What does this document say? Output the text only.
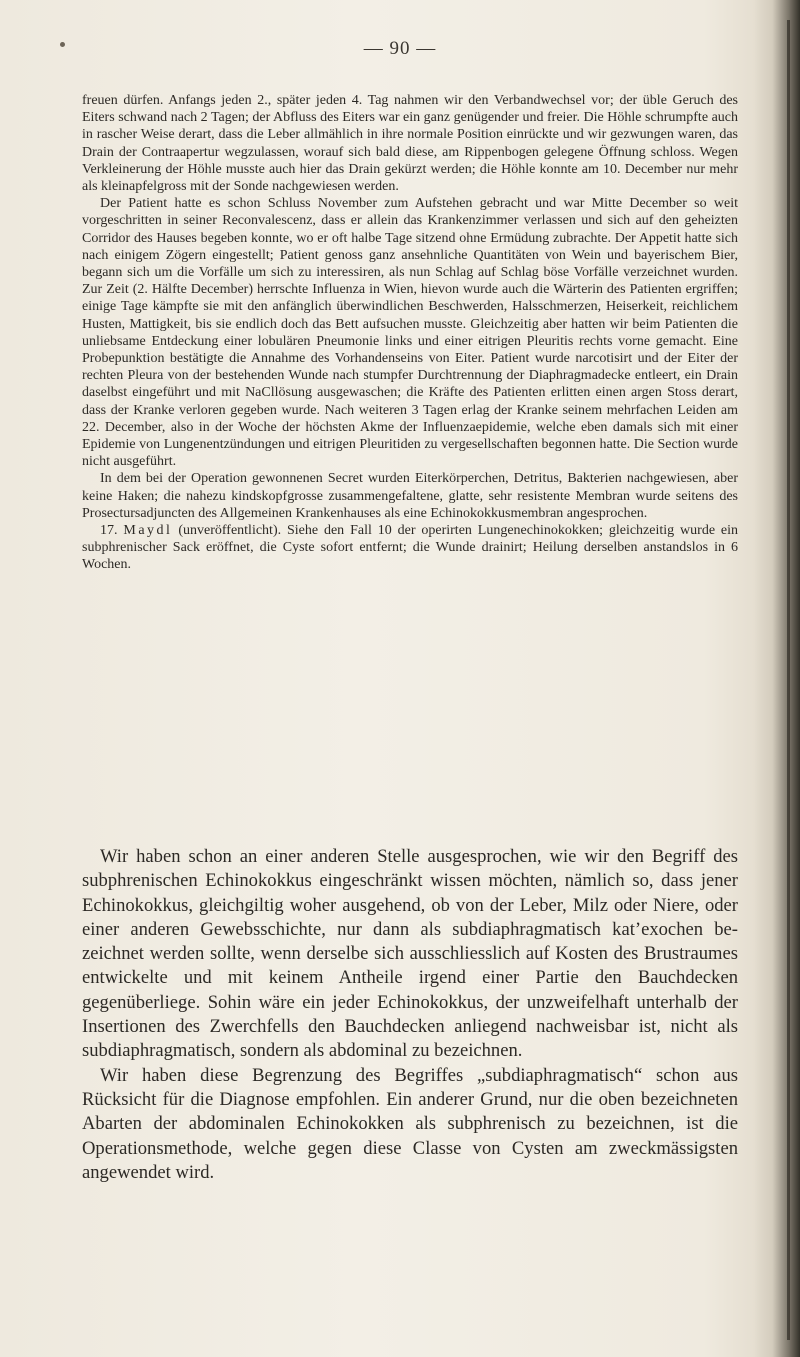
— 90 —

freuen dürfen. Anfangs jeden 2., später jeden 4. Tag nahmen wir den Verbandwechsel vor; der üble Geruch des Eiters schwand nach 2 Tagen; der Abfluss des Eiters war ein ganz genügender und freier. Die Höhle schrumpfte auch in rascher Weise derart, dass die Leber allmählich in ihre normale Position einrückte und wir gezwungen waren, das Drain der Contraapertur wegzulassen, worauf sich bald diese, am Rippenbogen gelegene Öffnung schloss. Wegen Verkleinerung der Höhle musste auch hier das Drain gekürzt werden; die Höhle konnte am 10. December nur mehr als kleinapfelgross mit der Sonde nachgewiesen werden.

Der Patient hatte es schon Schluss November zum Aufstehen gebracht und war Mitte December so weit vorgeschritten in seiner Reconvalescenz, dass er allein das Krankenzimmer verlassen und sich auf den geheizten Corridor des Hauses begeben konnte, wo er oft halbe Tage sitzend ohne Ermüdung zubrachte. Der Appetit hatte sich nach einigem Zögern eingestellt; Patient genoss ganz ansehnliche Quantitäten von Wein und bayerischem Bier, begann sich um die Vorfälle um sich zu interessiren, als nun Schlag auf Schlag böse Vorfälle verzeichnet wurden. Zur Zeit (2. Hälfte December) herrschte Influenza in Wien, hievon wurde auch die Wärterin des Patienten ergriffen; einige Tage kämpfte sie mit den anfänglich überwindlichen Beschwerden, Halsschmerzen, Heiserkeit, reichlichem Husten, Mattigkeit, bis sie endlich doch das Bett aufsuchen musste. Gleichzeitig aber hatten wir beim Patienten die unliebsame Entdeckung einer lobulären Pneumonie links und einer eitrigen Pleuritis rechts vorne gemacht. Eine Probepunktion bestätigte die Annahme des Vorhandenseins von Eiter. Patient wurde narcotisirt und der Eiter der rechten Pleura von der bestehenden Wunde nach stumpfer Durchtrennung der Diaphragmadecke entleert, ein Drain daselbst eingeführt und mit NaCllösung ausgewaschen; die Kräfte des Patienten erlitten einen argen Stoss derart, dass der Kranke verloren gegeben wurde. Nach weiteren 3 Tagen erlag der Kranke seinem mehrfachen Leiden am 22. December, also in der Woche der höchsten Akme der Influenzaepidemie, welche eben damals sich mit einer Epidemie von Lungenentzündungen und eitrigen Pleuritiden zu vergesellschaften begonnen hatte. Die Section wurde nicht ausgeführt.

In dem bei der Operation gewonnenen Secret wurden Eiterkörperchen, Detritus, Bakterien nachgewiesen, aber keine Haken; die nahezu kindskopfgrosse zusammengefaltene, glatte, sehr resistente Membran wurde seitens des Prosectursadjuncten des Allgemeinen Krankenhauses als eine Echinokokkusmembran angesprochen.

17. Maydl (unveröffentlicht). Siehe den Fall 10 der operirten Lungenechinokokken; gleichzeitig wurde ein subphrenischer Sack eröffnet, die Cyste sofort entfernt; die Wunde drainirt; Heilung derselben anstandslos in 6 Wochen.

Wir haben schon an einer anderen Stelle ausgesprochen, wie wir den Begriff des subphrenischen Echinokokkus eingeschränkt wissen möchten, nämlich so, dass jener Echinokokkus, gleichgiltig woher ausgehend, ob von der Leber, Milz oder Niere, oder einer anderen Gewebsschichte, nur dann als subdiaphragmatisch kat’exochen bezeichnet werden sollte, wenn derselbe sich ausschliesslich auf Kosten des Brustraumes entwickelte und mit keinem Antheile irgend einer Partie den Bauchdecken gegenüberliege. Sohin wäre ein jeder Echinokokkus, der unzweifelhaft unterhalb der Insertionen des Zwerchfells den Bauchdecken anliegend nachweisbar ist, nicht als subdiaphragmatisch, sondern als abdominal zu bezeichnen.

Wir haben diese Begrenzung des Begriffes „subdiaphragmatisch“ schon aus Rücksicht für die Diagnose empfohlen. Ein anderer Grund, nur die oben bezeichneten Abarten der abdominalen Echinokokken als subphrenisch zu bezeichnen, ist die Operationsmethode, welche gegen diese Classe von Cysten am zweckmässigsten angewendet wird.
